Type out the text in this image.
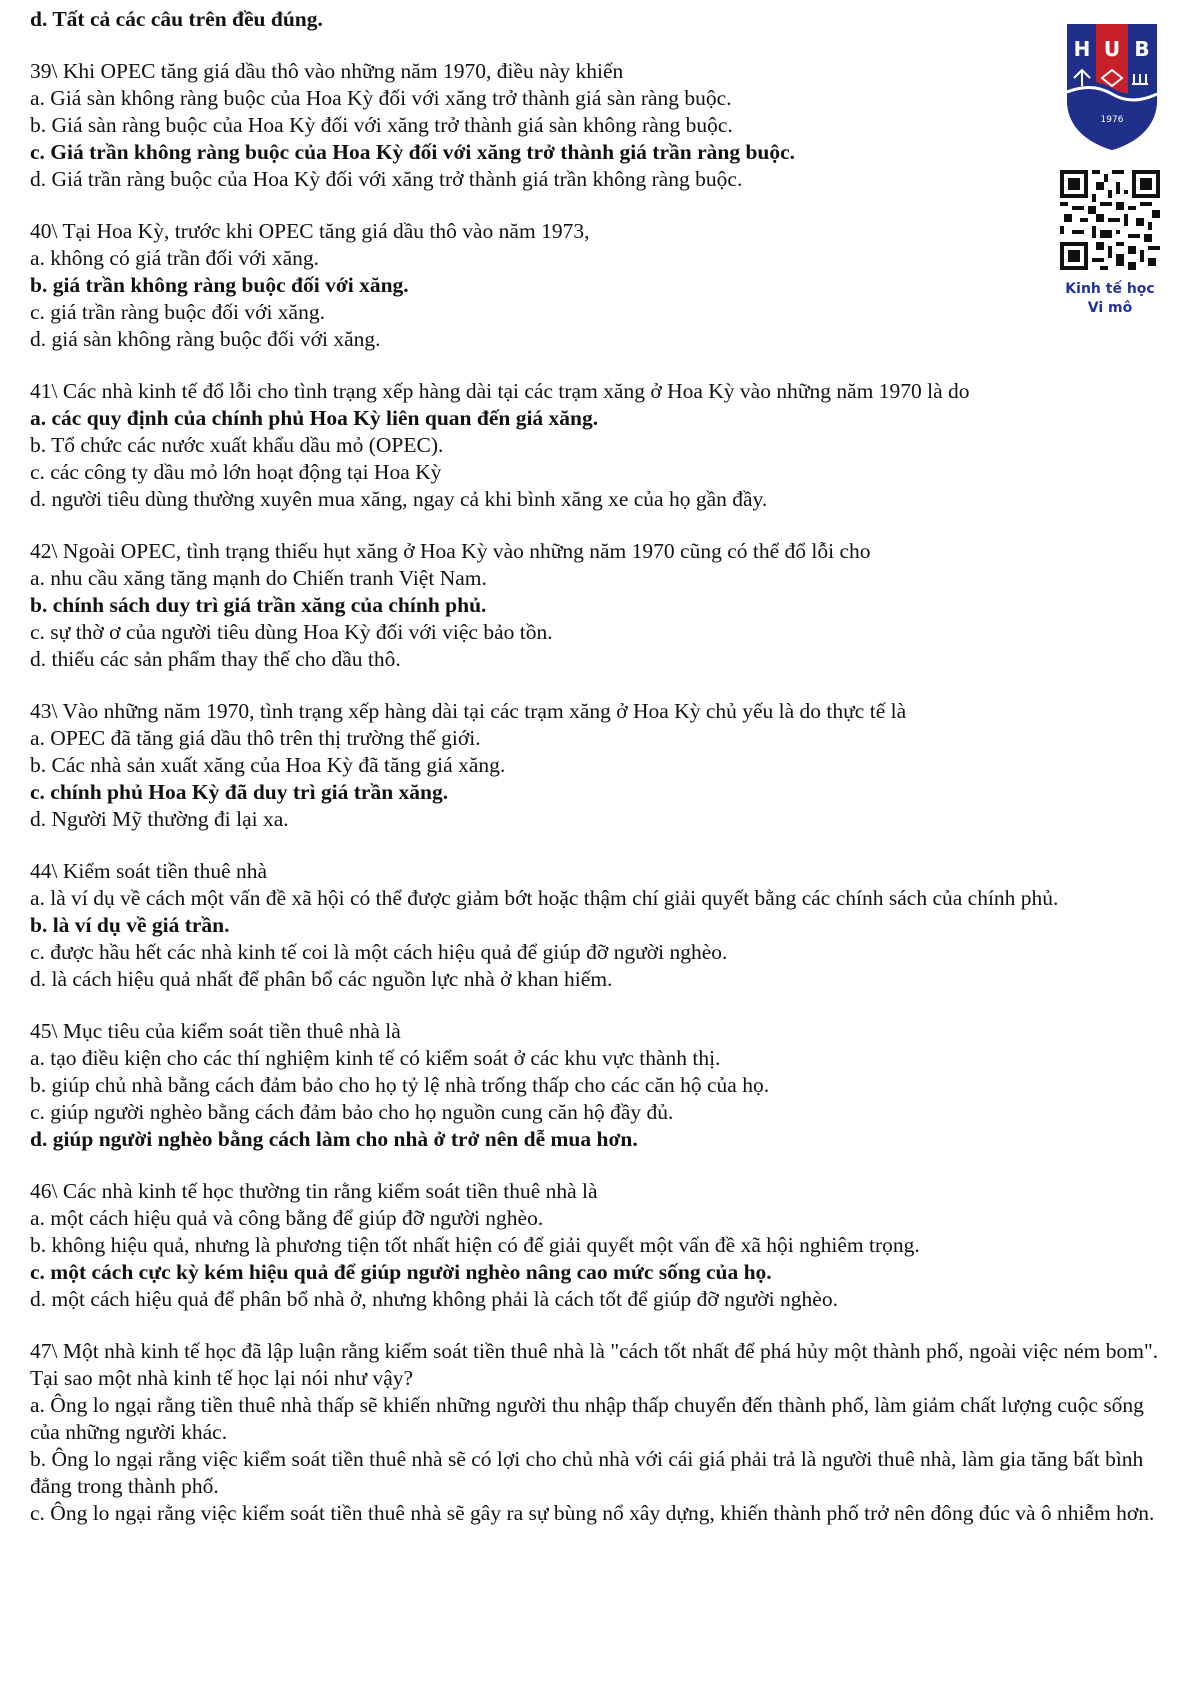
H U B
1976
Kinh tế học
Vi mô

d. Tất cả các câu trên đều đúng.

39\ Khi OPEC tăng giá dầu thô vào những năm 1970, điều này khiến

a. Giá sàn không ràng buộc của Hoa Kỳ đối với xăng trở thành giá sàn ràng buộc.

b. Giá sàn ràng buộc của Hoa Kỳ đối với xăng trở thành giá sàn không ràng buộc.

c. Giá trần không ràng buộc của Hoa Kỳ đối với xăng trở thành giá trần ràng buộc.

d. Giá trần ràng buộc của Hoa Kỳ đối với xăng trở thành giá trần không ràng buộc.

40\ Tại Hoa Kỳ, trước khi OPEC tăng giá dầu thô vào năm 1973,

a. không có giá trần đối với xăng.

b. giá trần không ràng buộc đối với xăng.

c. giá trần ràng buộc đối với xăng.

d. giá sàn không ràng buộc đối với xăng.

41\ Các nhà kinh tế đổ lỗi cho tình trạng xếp hàng dài tại các trạm xăng ở Hoa Kỳ vào những năm 1970 là do

a. các quy định của chính phủ Hoa Kỳ liên quan đến giá xăng.

b. Tổ chức các nước xuất khẩu dầu mỏ (OPEC).

c. các công ty dầu mỏ lớn hoạt động tại Hoa Kỳ

d. người tiêu dùng thường xuyên mua xăng, ngay cả khi bình xăng xe của họ gần đầy.

42\ Ngoài OPEC, tình trạng thiếu hụt xăng ở Hoa Kỳ vào những năm 1970 cũng có thể đổ lỗi cho

a. nhu cầu xăng tăng mạnh do Chiến tranh Việt Nam.

b. chính sách duy trì giá trần xăng của chính phủ.

c. sự thờ ơ của người tiêu dùng Hoa Kỳ đối với việc bảo tồn.

d. thiếu các sản phẩm thay thế cho dầu thô.

43\ Vào những năm 1970, tình trạng xếp hàng dài tại các trạm xăng ở Hoa Kỳ chủ yếu là do thực tế là

a. OPEC đã tăng giá dầu thô trên thị trường thế giới.

b. Các nhà sản xuất xăng của Hoa Kỳ đã tăng giá xăng.

c. chính phủ Hoa Kỳ đã duy trì giá trần xăng.

d. Người Mỹ thường đi lại xa.

44\ Kiểm soát tiền thuê nhà

a. là ví dụ về cách một vấn đề xã hội có thể được giảm bớt hoặc thậm chí giải quyết bằng các chính sách của chính phủ.

b. là ví dụ về giá trần.

c. được hầu hết các nhà kinh tế coi là một cách hiệu quả để giúp đỡ người nghèo.

d. là cách hiệu quả nhất để phân bổ các nguồn lực nhà ở khan hiếm.

45\ Mục tiêu của kiểm soát tiền thuê nhà là

a. tạo điều kiện cho các thí nghiệm kinh tế có kiểm soát ở các khu vực thành thị.

b. giúp chủ nhà bằng cách đảm bảo cho họ tỷ lệ nhà trống thấp cho các căn hộ của họ.

c. giúp người nghèo bằng cách đảm bảo cho họ nguồn cung căn hộ đầy đủ.

d. giúp người nghèo bằng cách làm cho nhà ở trở nên dễ mua hơn.

46\ Các nhà kinh tế học thường tin rằng kiểm soát tiền thuê nhà là

a. một cách hiệu quả và công bằng để giúp đỡ người nghèo.

b. không hiệu quả, nhưng là phương tiện tốt nhất hiện có để giải quyết một vấn đề xã hội nghiêm trọng.

c. một cách cực kỳ kém hiệu quả để giúp người nghèo nâng cao mức sống của họ.

d. một cách hiệu quả để phân bổ nhà ở, nhưng không phải là cách tốt để giúp đỡ người nghèo.

47\ Một nhà kinh tế học đã lập luận rằng kiểm soát tiền thuê nhà là "cách tốt nhất để phá hủy một thành phố, ngoài việc ném bom". Tại sao một nhà kinh tế học lại nói như vậy?

a. Ông lo ngại rằng tiền thuê nhà thấp sẽ khiến những người thu nhập thấp chuyển đến thành phố, làm giảm chất lượng cuộc sống của những người khác.

b. Ông lo ngại rằng việc kiểm soát tiền thuê nhà sẽ có lợi cho chủ nhà với cái giá phải trả là người thuê nhà, làm gia tăng bất bình đẳng trong thành phố.

c. Ông lo ngại rằng việc kiểm soát tiền thuê nhà sẽ gây ra sự bùng nổ xây dựng, khiến thành phố trở nên đông đúc và ô nhiễm hơn.
